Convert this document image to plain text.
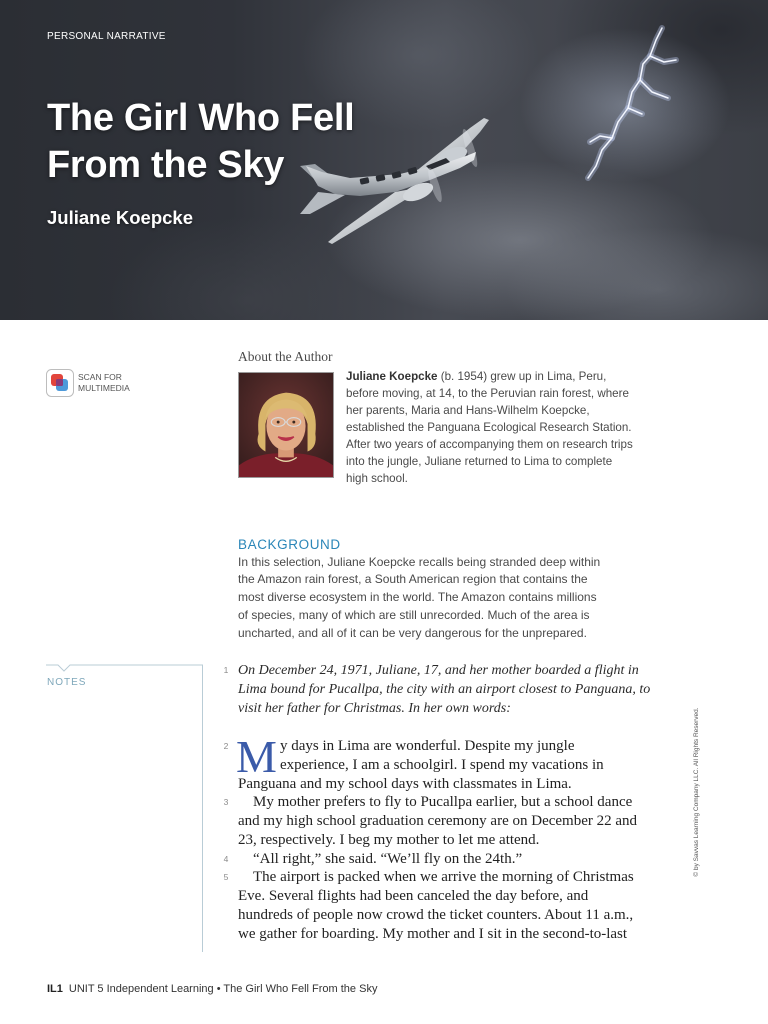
PERSONAL NARRATIVE
The Girl Who Fell
From the Sky
Juliane Koepcke
SCAN FOR
MULTIMEDIA
About the Author
Juliane Koepcke (b. 1954) grew up in Lima, Peru,
before moving, at 14, to the Peruvian rain forest, where
her parents, Maria and Hans-Wilhelm Koepcke,
established the Panguana Ecological Research Station.
After two years of accompanying them on research trips
into the jungle, Juliane returned to Lima to complete
high school.
BACKGROUND
In this selection, Juliane Koepcke recalls being stranded deep within
the Amazon rain forest, a South American region that contains the
most diverse ecosystem in the world. The Amazon contains millions
of species, many of which are still unrecorded. Much of the area is
uncharted, and all of it can be very dangerous for the unprepared.
NOTES
1 On December 24, 1971, Juliane, 17, and her mother boarded a flight in
Lima bound for Pucallpa, the city with an airport closest to Panguana, to
visit her father for Christmas. In her own words:
2 M y days in Lima are wonderful. Despite my jungle
experience, I am a schoolgirl. I spend my vacations in
Panguana and my school days with classmates in Lima.
3	My mother prefers to fly to Pucallpa earlier, but a school dance
and my high school graduation ceremony are on December 22 and
23, respectively. I beg my mother to let me attend.
4	“All right,” she said. “We’ll fly on the 24th.”
5	The airport is packed when we arrive the morning of Christmas
Eve. Several flights had been canceled the day before, and
hundreds of people now crowd the ticket counters. About 11 a.m.,
we gather for boarding. My mother and I sit in the second-to-last
© by Savvas Learning Company LLC. All Rights Reserved.
IL1 UNIT 5 Independent Learning • The Girl Who Fell From the Sky
